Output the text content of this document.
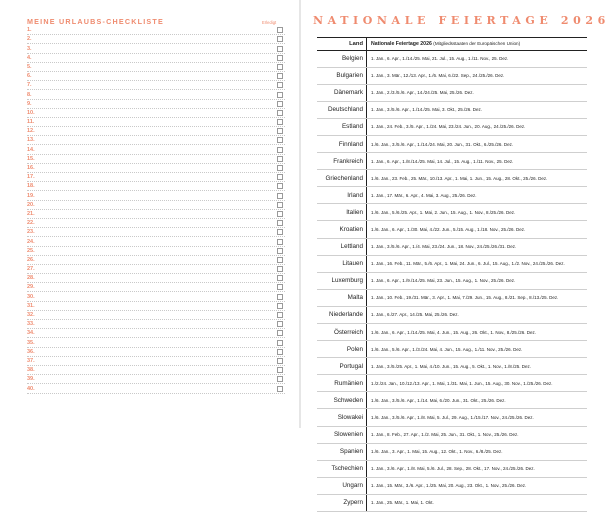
MEINE URLAUBS-CHECKLISTE	Erledigt
1.
2.
3.
4.
5.
6.
7.
8.
9.
10.
11.
12.
13.
14.
15.
16.
17.
18.
19.
20.
21.
22.
23.
24.
25.
26.
27.
28.
29.
30.
31.
32.
33.
34.
35.
36.
37.
38.
39.
40.
NATIONALE FEIERTAGE 2026
Land	Nationale Feiertage 2026 (Mitgliedsstaaten der Europäischen Union)
Belgien	1. Jan., 6. Apr., 1./14./25. Mai, 21. Jul., 15. Aug., 1./11. Nov., 25. Dez.
Bulgarien	1. Jan., 3. Mär., 12./13. Apr., 1./6. Mai, 6./22. Sep., 24./25./26. Dez.
Dänemark	1. Jan., 2./3./5./6. Apr., 14./24./25. Mai, 25./26. Dez.
Deutschland	1. Jan., 3./5./6. Apr., 1./14./25. Mai, 3. Okt., 25./26. Dez.
Estland	1. Jan., 24. Feb., 3./5. Apr., 1./24. Mai, 23./24. Jun., 20. Aug., 24./25./26. Dez.
Finnland	1./6. Jan., 3./5./6. Apr., 1./14./24. Mai, 20. Jun., 31. Okt., 6./25./26. Dez.
Frankreich	1. Jan., 6. Apr., 1./8./14./25. Mai, 14. Jul., 15. Aug., 1./11. Nov., 25. Dez.
Griechenland	1./6. Jan., 23. Feb., 25. Mär., 10./13. Apr., 1. Mai, 1. Jun., 15. Aug., 28. Okt., 25./26. Dez.
Irland	1. Jan., 17. Mär., 6. Apr., 4. Mai, 3. Aug., 25./26. Dez.
Italien	1./6. Jan., 5./6./25. Apr., 1. Mai, 2. Jun., 15. Aug., 1. Nov., 8./25./26. Dez.
Kroatien	1./6. Jan., 6. Apr., 1./30. Mai, 4./22. Jun., 5./15. Aug., 1./18. Nov., 25./26. Dez.
Lettland	1. Jan., 3./5./6. Apr., 1./4. Mai, 23./24. Jun., 18. Nov., 24./25./26./31. Dez.
Litauen	1. Jan., 16. Feb., 11. Mär., 5./6. Apr., 1. Mai, 24. Jun., 6. Jul., 15. Aug., 1./2. Nov., 24./25./26. Dez.
Luxemburg	1. Jan., 6. Apr., 1./9./14./25. Mai, 23. Jun., 15. Aug., 1. Nov., 25./26. Dez.
Malta	1. Jan., 10. Feb., 19./31. Mär., 3. Apr., 1. Mai, 7./29. Jun., 15. Aug., 8./21. Sep., 8./13./25. Dez.
Niederlande	1. Jan., 6./27. Apr., 14./25. Mai, 25./26. Dez.
Österreich	1./6. Jan., 6. Apr., 1./14./25. Mai, 4. Jun., 15. Aug., 26. Okt., 1. Nov., 8./25./26. Dez.
Polen	1./6. Jan., 5./6. Apr., 1./3./24. Mai, 4. Jun., 15. Aug., 1./11. Nov., 25./26. Dez.
Portugal	1. Jan., 3./5./25. Apr., 1. Mai, 4./10. Jun., 15. Aug., 5. Okt., 1. Nov., 1./8./25. Dez.
Rumänien	1./2./24. Jan., 10./12./13. Apr., 1. Mai, 1./31. Mai, 1. Jun., 15. Aug., 30. Nov., 1./25./26. Dez.
Schweden	1./6. Jan., 3./5./6. Apr., 1./14. Mai, 6./20. Jun., 31. Okt., 25./26. Dez.
Slowakei	1./6. Jan., 3./5./6. Apr., 1./8. Mai, 5. Jul., 29. Aug., 1./15./17. Nov., 24./25./26. Dez.
Slowenien	1. Jan., 8. Feb., 27. Apr., 1./2. Mai, 25. Jun., 31. Okt., 1. Nov., 25./26. Dez.
Spanien	1./6. Jan., 3. Apr., 1. Mai, 15. Aug., 12. Okt., 1. Nov., 6./8./25. Dez.
Tschechien	1. Jan., 3./6. Apr., 1./8. Mai, 5./6. Jul., 28. Sep., 28. Okt., 17. Nov., 24./25./26. Dez.
Ungarn	1. Jan., 15. Mär., 3./6. Apr., 1./25. Mai, 20. Aug., 23. Okt., 1. Nov., 25./26. Dez.
Zypern	1. Jan., 25. Mär., 1. Mai, 1. Okt.
